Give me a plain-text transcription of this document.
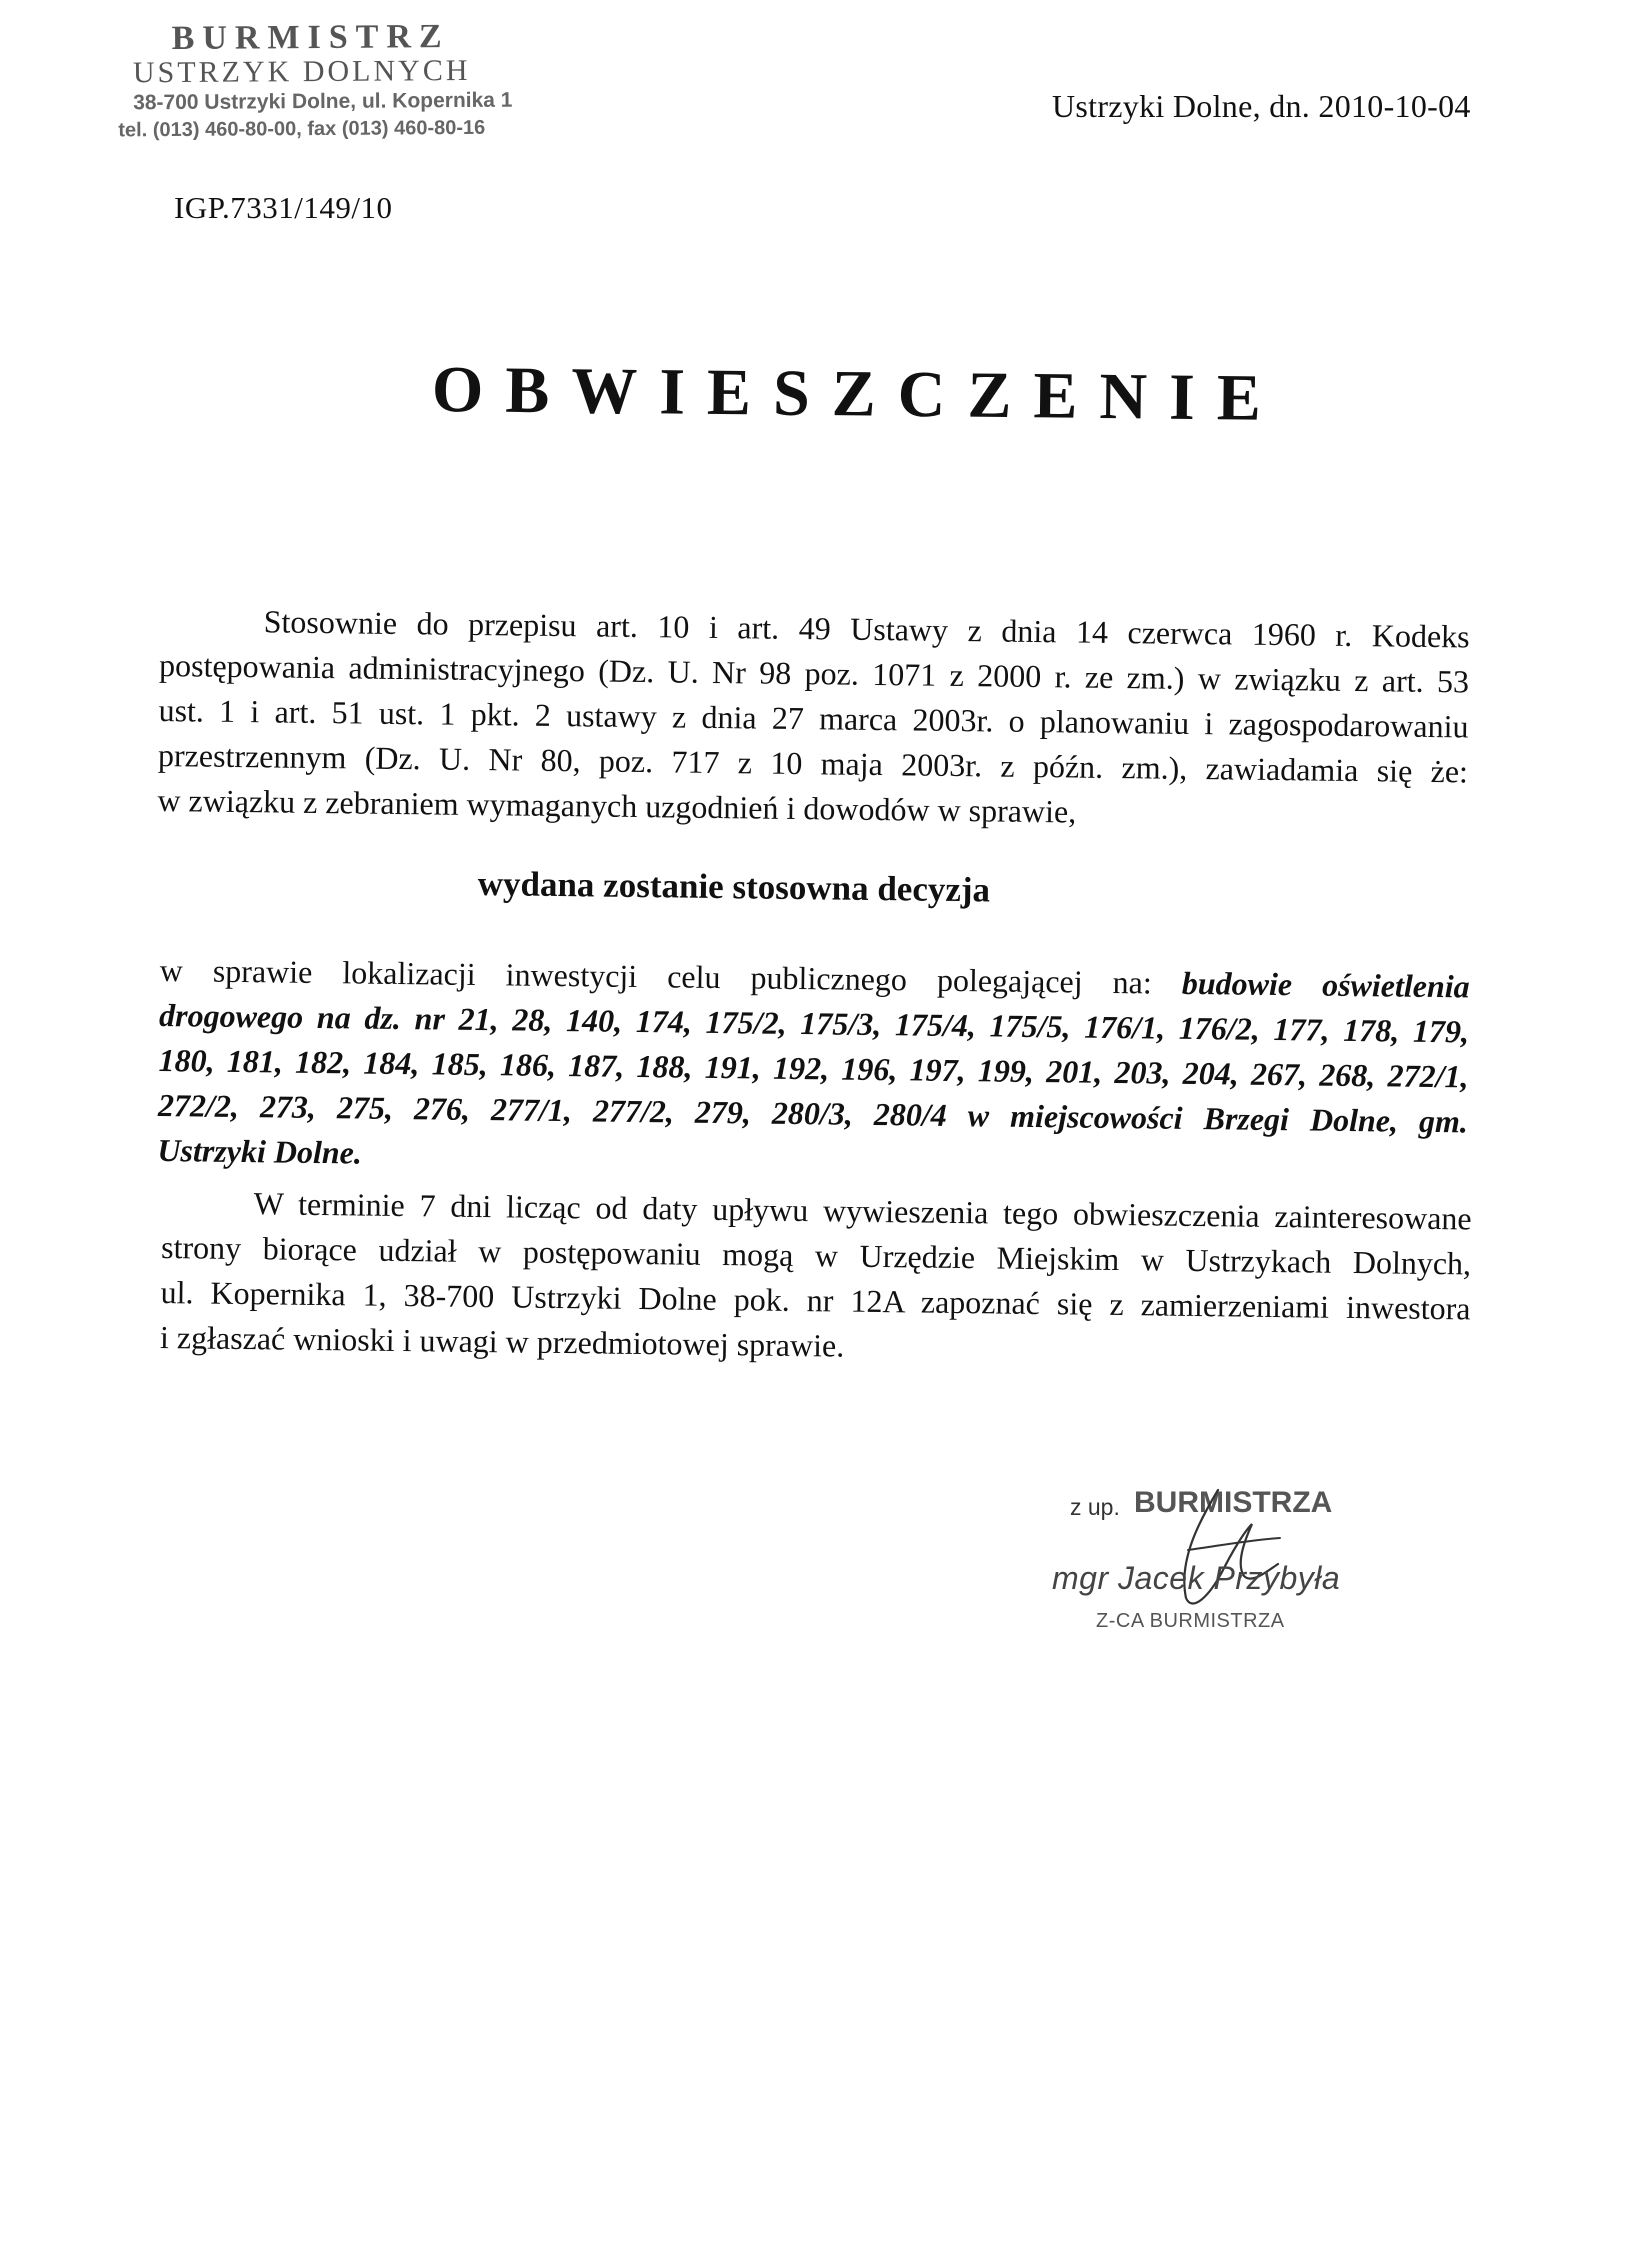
BURMISTRZ
USTRZYK DOLNYCH
38-700 Ustrzyki Dolne, ul. Kopernika 1
tel. (013) 460-80-00, fax (013) 460-80-16
Ustrzyki Dolne, dn. 2010-10-04
IGP.7331/149/10
OBWIESZCZENIE
Stosownie do przepisu art. 10 i art. 49 Ustawy z dnia 14 czerwca 1960 r. Kodeks
postępowania administracyjnego (Dz. U. Nr 98 poz. 1071 z 2000 r. ze zm.) w związku z art. 53
ust. 1 i art. 51 ust. 1 pkt. 2 ustawy z dnia 27 marca 2003r. o planowaniu i zagospodarowaniu
przestrzennym (Dz. U. Nr 80, poz. 717 z 10 maja 2003r. z późn. zm.), zawiadamia się że:
w związku z zebraniem wymaganych uzgodnień i dowodów w sprawie,
wydana zostanie stosowna decyzja
w sprawie lokalizacji inwestycji celu publicznego polegającej na: budowie oświetlenia
drogowego na dz. nr 21, 28, 140, 174, 175/2, 175/3, 175/4, 175/5, 176/1, 176/2, 177, 178, 179,
180, 181, 182, 184, 185, 186, 187, 188, 191, 192, 196, 197, 199, 201, 203, 204, 267, 268, 272/1,
272/2, 273, 275, 276, 277/1, 277/2, 279, 280/3, 280/4 w miejscowości Brzegi Dolne, gm.
Ustrzyki Dolne.
W terminie 7 dni licząc od daty upływu wywieszenia tego obwieszczenia zainteresowane
strony biorące udział w postępowaniu mogą w Urzędzie Miejskim w Ustrzykach Dolnych,
ul. Kopernika 1, 38-700 Ustrzyki Dolne pok. nr 12A zapoznać się z zamierzeniami inwestora
i zgłaszać wnioski i uwagi w przedmiotowej sprawie.
z up. BURMISTRZA
mgr Jacek Przybyła
Z-CA BURMISTRZA
